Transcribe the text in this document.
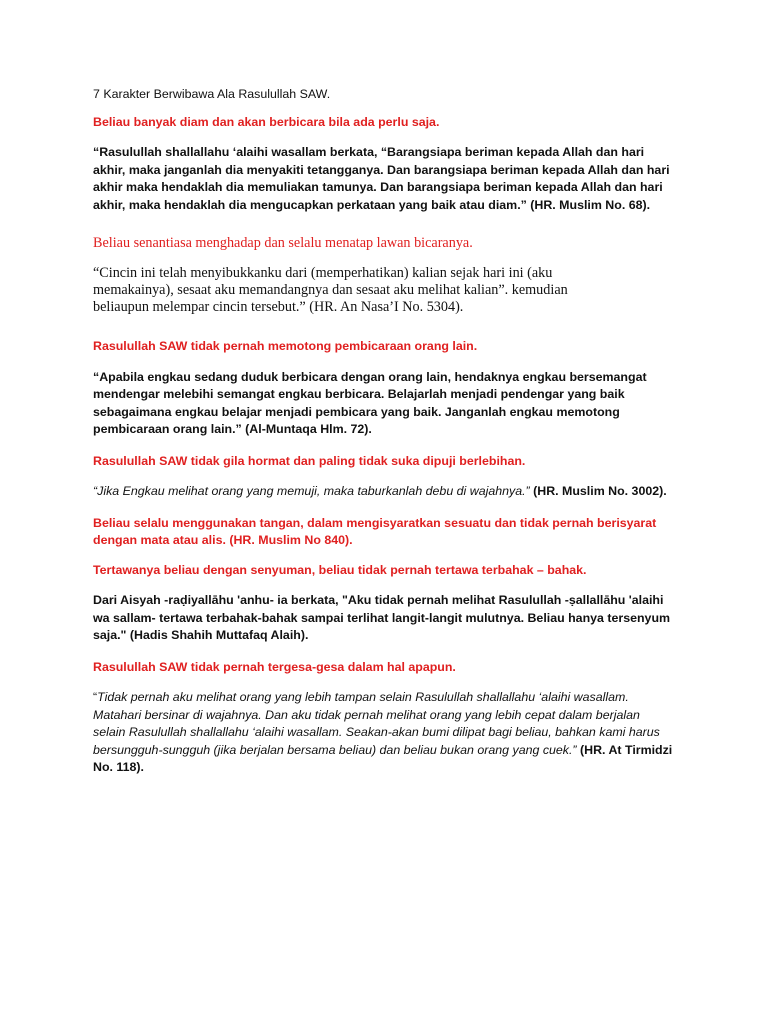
7 Karakter Berwibawa Ala Rasulullah SAW.

Beliau banyak diam dan akan berbicara bila ada perlu saja.

“Rasulullah shallallahu ‘alaihi wasallam berkata, “Barangsiapa beriman kepada Allah dan hari akhir, maka janganlah dia menyakiti tetangganya. Dan barangsiapa beriman kepada Allah dan hari akhir maka hendaklah dia memuliakan tamunya. Dan barangsiapa beriman kepada Allah dan hari akhir, maka hendaklah dia mengucapkan perkataan yang baik atau diam.” (HR. Muslim No. 68).

Beliau senantiasa menghadap dan selalu menatap lawan bicaranya.

“Cincin ini telah menyibukkanku dari (memperhatikan) kalian sejak hari ini (aku memakainya), sesaat aku memandangnya dan sesaat aku melihat kalian”. kemudian beliaupun melempar cincin tersebut.” (HR. An Nasa’I No. 5304).

Rasulullah SAW tidak pernah memotong pembicaraan orang lain.

“Apabila engkau sedang duduk berbicara dengan orang lain, hendaknya engkau bersemangat mendengar melebihi semangat engkau berbicara. Belajarlah menjadi pendengar yang baik sebagaimana engkau belajar menjadi pembicara yang baik. Janganlah engkau memotong pembicaraan orang lain.” (Al-Muntaqa Hlm. 72).

Rasulullah SAW tidak gila hormat dan paling tidak suka dipuji berlebihan.

“Jika Engkau melihat orang yang memuji, maka taburkanlah debu di wajahnya.” (HR. Muslim No. 3002).

Beliau selalu menggunakan tangan, dalam mengisyaratkan sesuatu dan tidak pernah berisyarat dengan mata atau alis. (HR. Muslim No 840).

Tertawanya beliau dengan senyuman, beliau tidak pernah tertawa terbahak – bahak.

Dari Aisyah -raḍiyallāhu 'anhu- ia berkata, "Aku tidak pernah melihat Rasulullah -ṣallallāhu 'alaihi wa sallam- tertawa terbahak-bahak sampai terlihat langit-langit mulutnya. Beliau hanya tersenyum saja." (Hadis Shahih Muttafaq Alaih).

Rasulullah SAW tidak pernah tergesa-gesa dalam hal apapun.

“Tidak pernah aku melihat orang yang lebih tampan selain Rasulullah shallallahu ‘alaihi wasallam. Matahari bersinar di wajahnya. Dan aku tidak pernah melihat orang yang lebih cepat dalam berjalan selain Rasulullah shallallahu ‘alaihi wasallam. Seakan-akan bumi dilipat bagi beliau, bahkan kami harus bersungguh-sungguh (jika berjalan bersama beliau) dan beliau bukan orang yang cuek.” (HR. At Tirmidzi No. 118).
